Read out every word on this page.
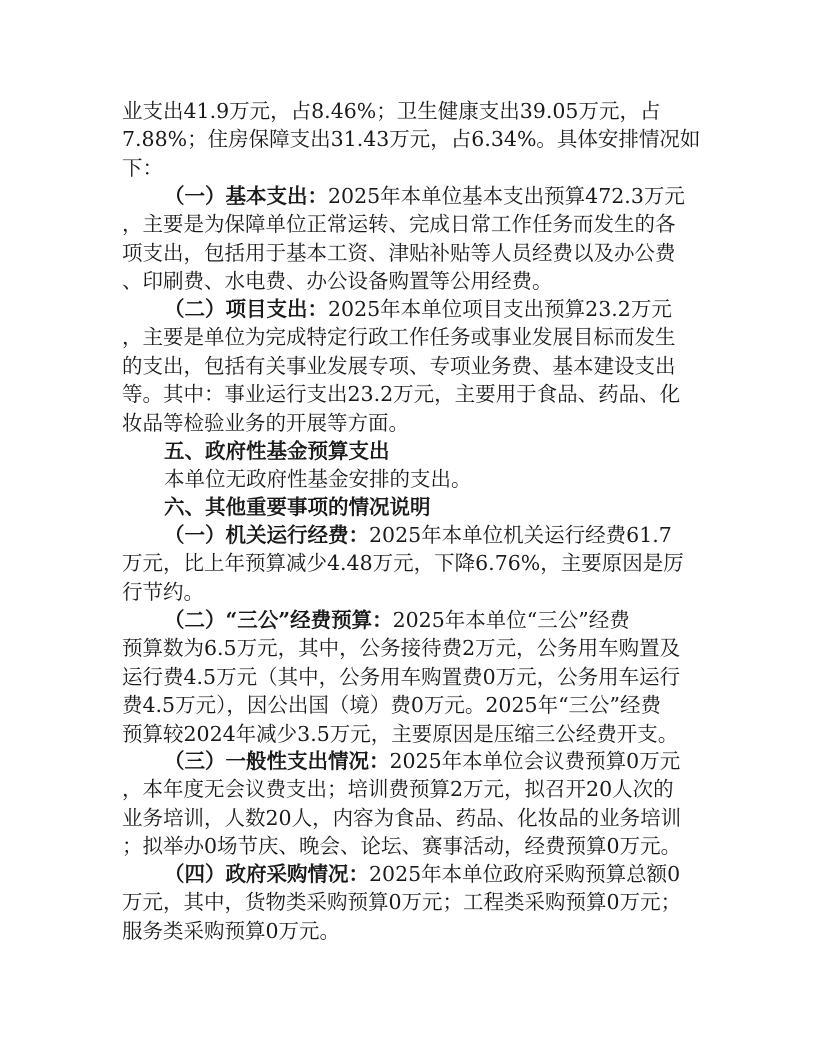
业支出41.9万元，占8.46%；卫生健康支出39.05万元，占
7.88%；住房保障支出31.43万元，占6.34%。具体安排情况如
下：
（一）基本支出：2025年本单位基本支出预算472.3万元
，主要是为保障单位正常运转、完成日常工作任务而发生的各
项支出，包括用于基本工资、津贴补贴等人员经费以及办公费
、印刷费、水电费、办公设备购置等公用经费。
（二）项目支出：2025年本单位项目支出预算23.2万元
，主要是单位为完成特定行政工作任务或事业发展目标而发生
的支出，包括有关事业发展专项、专项业务费、基本建设支出
等。其中：事业运行支出23.2万元，主要用于食品、药品、化
妆品等检验业务的开展等方面。
五、政府性基金预算支出
本单位无政府性基金安排的支出。
六、其他重要事项的情况说明
（一）机关运行经费：2025年本单位机关运行经费61.7
万元，比上年预算减少4.48万元，下降6.76%，主要原因是厉
行节约。
（二）“三公”经费预算：2025年本单位“三公”经费
预算数为6.5万元，其中，公务接待费2万元，公务用车购置及
运行费4.5万元（其中，公务用车购置费0万元，公务用车运行
费4.5万元），因公出国（境）费0万元。2025年“三公”经费
预算较2024年减少3.5万元，主要原因是压缩三公经费开支。
（三）一般性支出情况：2025年本单位会议费预算0万元
，本年度无会议费支出；培训费预算2万元，拟召开20人次的
业务培训，人数20人，内容为食品、药品、化妆品的业务培训
；拟举办0场节庆、晚会、论坛、赛事活动，经费预算0万元。
（四）政府采购情况：2025年本单位政府采购预算总额0
万元，其中，货物类采购预算0万元；工程类采购预算0万元；
服务类采购预算0万元。
